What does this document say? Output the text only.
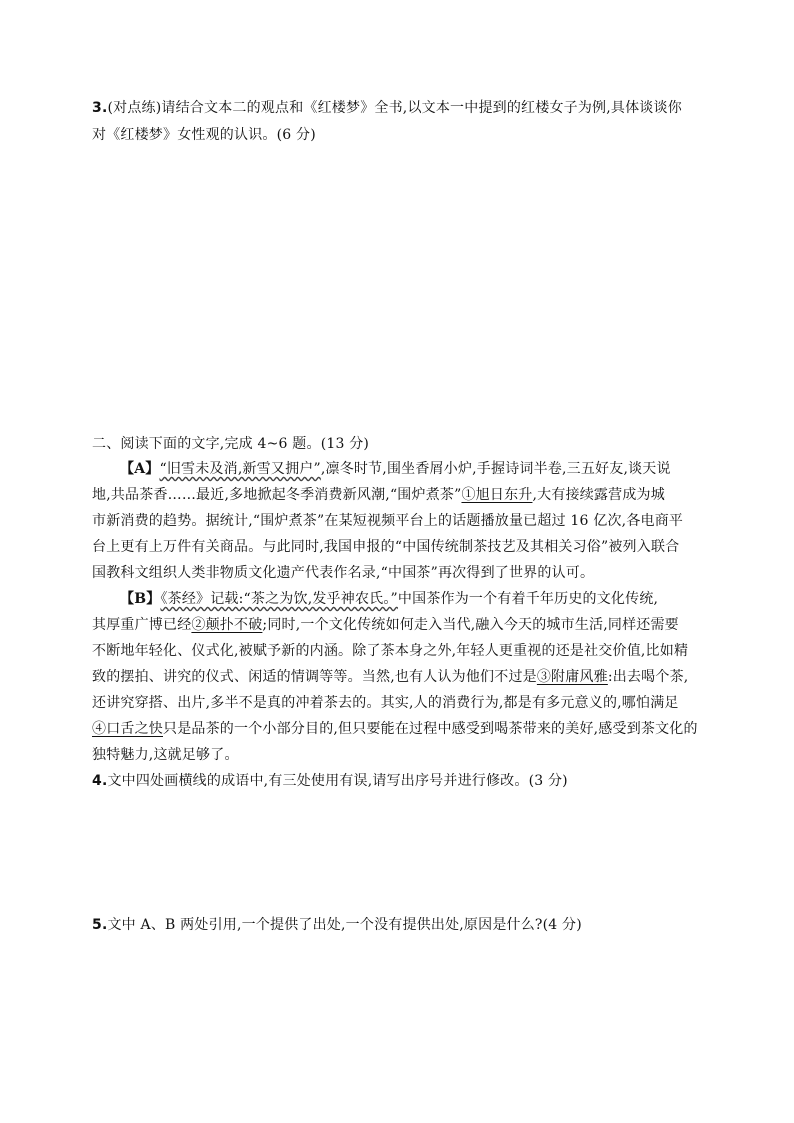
3.(对点练)请结合文本二的观点和《红楼梦》全书,以文本一中提到的红楼女子为例,具体谈谈你
对《红楼梦》女性观的认识。(6 分)
二、阅读下面的文字,完成 4~6 题。(13 分)
【A】“旧雪未及消,新雪又拥户”,凛冬时节,围坐香屑小炉,手握诗词半卷,三五好友,谈天说
地,共品茶香……最近,多地掀起冬季消费新风潮,“围炉煮茶”①旭日东升,大有接续露营成为城
市新消费的趋势。据统计,“围炉煮茶”在某短视频平台上的话题播放量已超过 16 亿次,各电商平
台上更有上万件有关商品。与此同时,我国申报的“中国传统制茶技艺及其相关习俗”被列入联合
国教科文组织人类非物质文化遗产代表作名录,“中国茶”再次得到了世界的认可。
【B】《茶经》记载:“茶之为饮,发乎神农氏。”中国茶作为一个有着千年历史的文化传统,
其厚重广博已经②颠扑不破;同时,一个文化传统如何走入当代,融入今天的城市生活,同样还需要
不断地年轻化、仪式化,被赋予新的内涵。除了茶本身之外,年轻人更重视的还是社交价值,比如精
致的摆拍、讲究的仪式、闲适的情调等等。当然,也有人认为他们不过是③附庸风雅:出去喝个茶,
还讲究穿搭、出片,多半不是真的冲着茶去的。其实,人的消费行为,都是有多元意义的,哪怕满足
④口舌之快只是品茶的一个小部分目的,但只要能在过程中感受到喝茶带来的美好,感受到茶文化的
独特魅力,这就足够了。
4.文中四处画横线的成语中,有三处使用有误,请写出序号并进行修改。(3 分)
5.文中 A、B 两处引用,一个提供了出处,一个没有提供出处,原因是什么?(4 分)
